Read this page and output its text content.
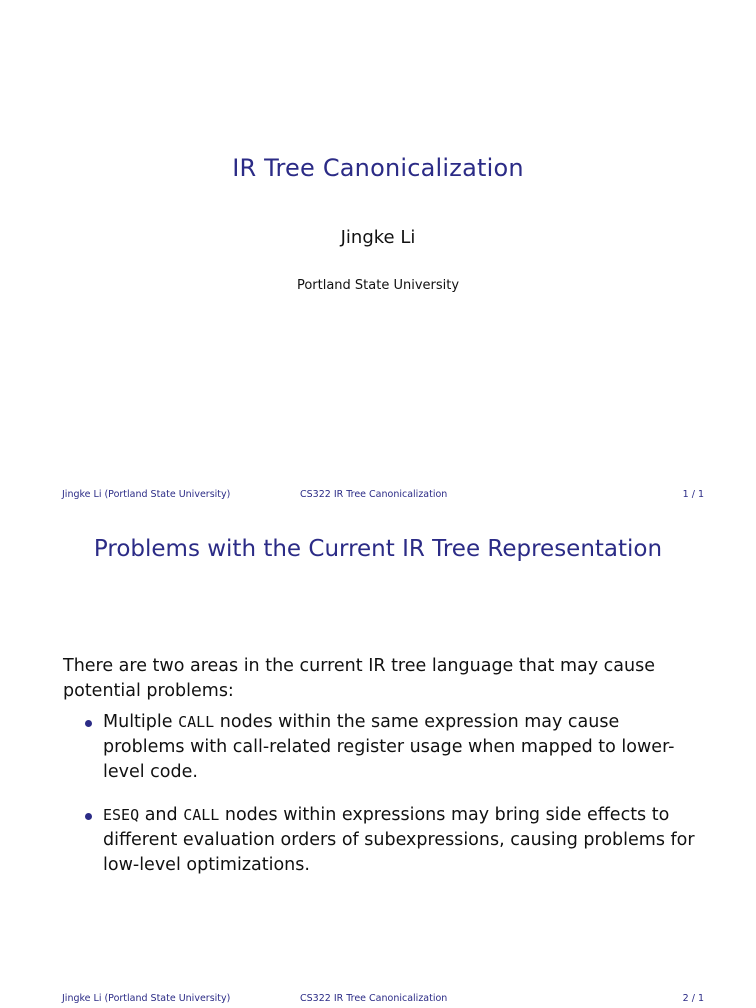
IR Tree Canonicalization
Jingke Li
Portland State University
Jingke Li (Portland State University)	CS322 IR Tree Canonicalization	1 / 1
Problems with the Current IR Tree Representation

There are two areas in the current IR tree language that may cause potential problems:

Multiple CALL nodes within the same expression may cause problems with call-related register usage when mapped to lower-level code.
ESEQ and CALL nodes within expressions may bring side effects to different evaluation orders of subexpressions, causing problems for low-level optimizations.
Jingke Li (Portland State University)	CS322 IR Tree Canonicalization	2 / 1
